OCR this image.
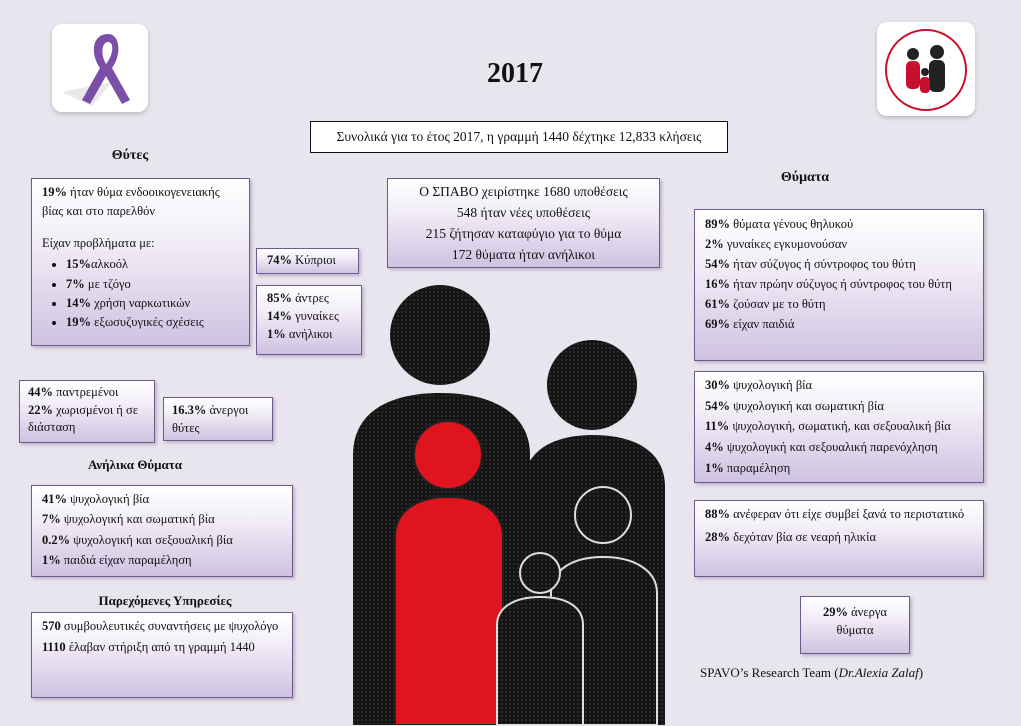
2017
Συνολικά για το έτος 2017, η γραμμή 1440 δέχτηκε 12,833 κλήσεις
Θύτες
19% ήταν θύμα ενδοοικογενειακής βίας και στο παρελθόν
Είχαν προβλήματα με:
• 15%αλκοόλ
• 7% με τζόγο
• 14% χρήση ναρκωτικών
• 19% εξωσυζυγικές σχέσεις
74% Κύπριοι
85% άντρες
14% γυναίκες
1% ανήλικοι
44% παντρεμένοι
22% χωρισμένοι ή σε διάσταση
16.3% άνεργοι θύτες
Ανήλικα Θύματα
41% ψυχολογική βία
7% ψυχολογική και σωματική βία
0.2% ψυχολογική και σεξουαλική βία
1% παιδιά είχαν παραμέληση
Παρεχόμενες Υπηρεσίες
570 συμβουλευτικές συναντήσεις με ψυχολόγο
1110 έλαβαν στήριξη από τη γραμμή 1440
Ο ΣΠΑΒΟ χειρίστηκε 1680 υποθέσεις
548 ήταν νέες υποθέσεις
215 ζήτησαν καταφύγιο για το θύμα
172 θύματα ήταν ανήλικοι
Θύματα
89% θύματα γένους θηλυκού
2% γυναίκες εγκυμονούσαν
54% ήταν σύζυγος ή σύντροφος του θύτη
16% ήταν πρώην σύζυγος ή σύντροφος του θύτη
61% ζούσαν με το θύτη
69% είχαν παιδιά
30% ψυχολογική βία
54% ψυχολογική και σωματική βία
11% ψυχολογική, σωματική, και σεξουαλική βία
4% ψυχολογική και σεξουαλική παρενόχληση
1% παραμέληση
88% ανέφεραν ότι είχε συμβεί ξανά το περιστατικό
28% δεχόταν βία σε νεαρή ηλικία
29% άνεργα θύματα
SPAVO’s Research Team (Dr.Alexia Zalaf)
